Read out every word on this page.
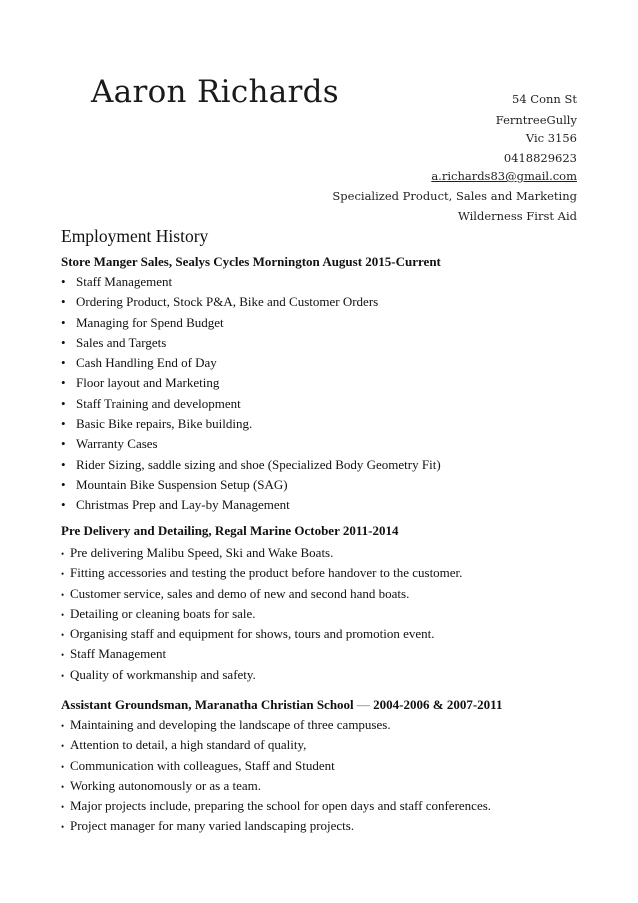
Aaron Richards	54 Conn St
FerntreeGully
Vic 3156
0418829623
a.richards83@gmail.com
Specialized Product, Sales and Marketing
Wilderness First Aid
Employment History
Store Manger Sales, Sealys Cycles Mornington August 2015-Current
• Staff Management
• Ordering Product, Stock P&A, Bike and Customer Orders
• Managing for Spend Budget
• Sales and Targets
• Cash Handling End of Day
• Floor layout and Marketing
• Staff Training and development
• Basic Bike repairs, Bike building.
• Warranty Cases
• Rider Sizing, saddle sizing and shoe (Specialized Body Geometry Fit)
• Mountain Bike Suspension Setup (SAG)
• Christmas Prep and Lay-by Management
Pre Delivery and Detailing, Regal Marine October 2011-2014
• Pre delivering Malibu Speed, Ski and Wake Boats.
• Fitting accessories and testing the product before handover to the customer.
• Customer service, sales and demo of new and second hand boats.
• Detailing or cleaning boats for sale.
• Organising staff and equipment for shows, tours and promotion event.
• Staff Management
• Quality of workmanship and safety.
Assistant Groundsman, Maranatha Christian School — 2004-2006 & 2007-2011
• Maintaining and developing the landscape of three campuses.
• Attention to detail, a high standard of quality,
• Communication with colleagues, Staff and Student
• Working autonomously or as a team.
• Major projects include, preparing the school for open days and staff conferences.
• Project manager for many varied landscaping projects.
